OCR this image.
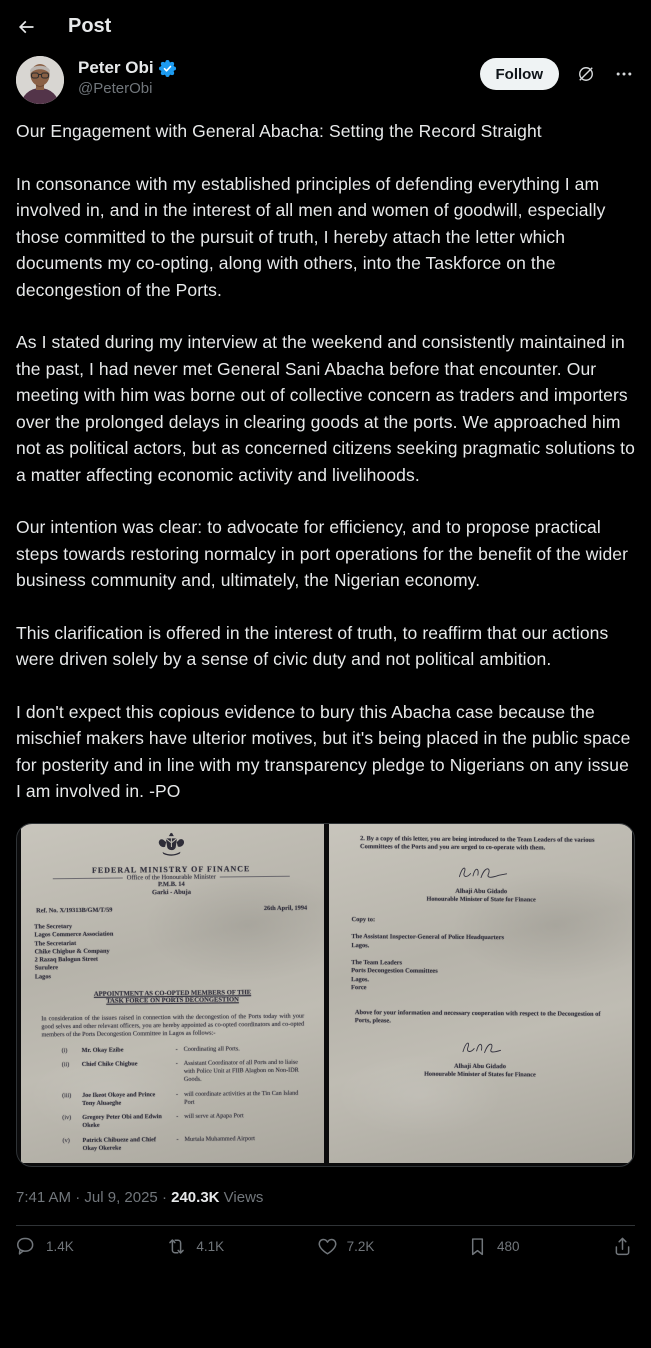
Post
Peter Obi
@PeterObi
Follow

Our Engagement with General Abacha: Setting the Record Straight

In consonance with my established principles of defending everything I am involved in, and in the interest of all men and women of goodwill, especially those committed to the pursuit of truth, I hereby attach the letter which documents my co-opting, along with others, into the Taskforce on the decongestion of the Ports.

As I stated during my interview at the weekend and consistently maintained in the past, I had never met General Sani Abacha before that encounter. Our meeting with him was borne out of collective concern as traders and importers over the prolonged delays in clearing goods at the ports. We approached him not as political actors, but as concerned citizens seeking pragmatic solutions to a matter affecting economic activity and livelihoods.

Our intention was clear: to advocate for efficiency, and to propose practical steps towards restoring normalcy in port operations for the benefit of the wider business community and, ultimately, the Nigerian economy.

This clarification is offered in the interest of truth, to reaffirm that our actions were driven solely by a sense of civic duty and not political ambition.

I don't expect this copious evidence to bury this Abacha case because the mischief makers have ulterior motives, but it's being placed in the public space for posterity and in line with my transparency pledge to Nigerians on any issue I am involved in. -PO

FEDERAL MINISTRY OF FINANCE
Office of the Honourable Minister
P.M.B. 14
Garki - Abuja
Ref. No. X/19313B/GM/T/59	26th April, 1994
The Secretary
Lagos Commerce Association
The Secretariat
Chike Chigbue & Company
2 Razaq Balogun Street
Surulere
Lagos
APPOINTMENT AS CO-OPTED MEMBERS OF THE
TASK FORCE ON PORTS DECONGESTION

In consideration of the issues raised in connection with the decongestion of the Ports today with your good selves and other relevant officers, you are hereby appointed as co-opted coordinators and co-opted members of the Ports Decongestion Committee in Lagos as follows:-

(i)	Mr. Okay Ezibe	- Coordinating all Ports.
(ii)	Chief Chike Chigbue	- Assistant Coordinator of all Ports and to liaise with Police Unit at FIIB Alagbon on Non-IDR Goods.
(iii)	Joe Ikeot Okoye and Prince Tony Aluaeghe
- will coordinate activities at the Tin Can Island Port
(iv)	Gregory Peter Obi and Edwin Okeke
- will serve at Apapa Port
(v)	Patrick Chibueze and Chief Okay Okereke
- Murtala Muhammed Airport

2. By a copy of this letter, you are being introduced to the Team Leaders of the various Committees of the Ports and you are urged to co-operate with them.

Alhaji Abu Gidado
Honourable Minister of State for Finance
Copy to:
The Assistant Inspector-General of Police Headquarters
Lagos.
The Team Leaders
Ports Decongestion Committees
Lagos.
Force

Above for your information and necessary cooperation with respect to the Decongestion of Ports, please.

Alhaji Abu Gidado
Honourable Minister of States for Finance
7:41 AM · Jul 9, 2025 · 240.3K Views
1.4K	4.1K	7.2K	480
